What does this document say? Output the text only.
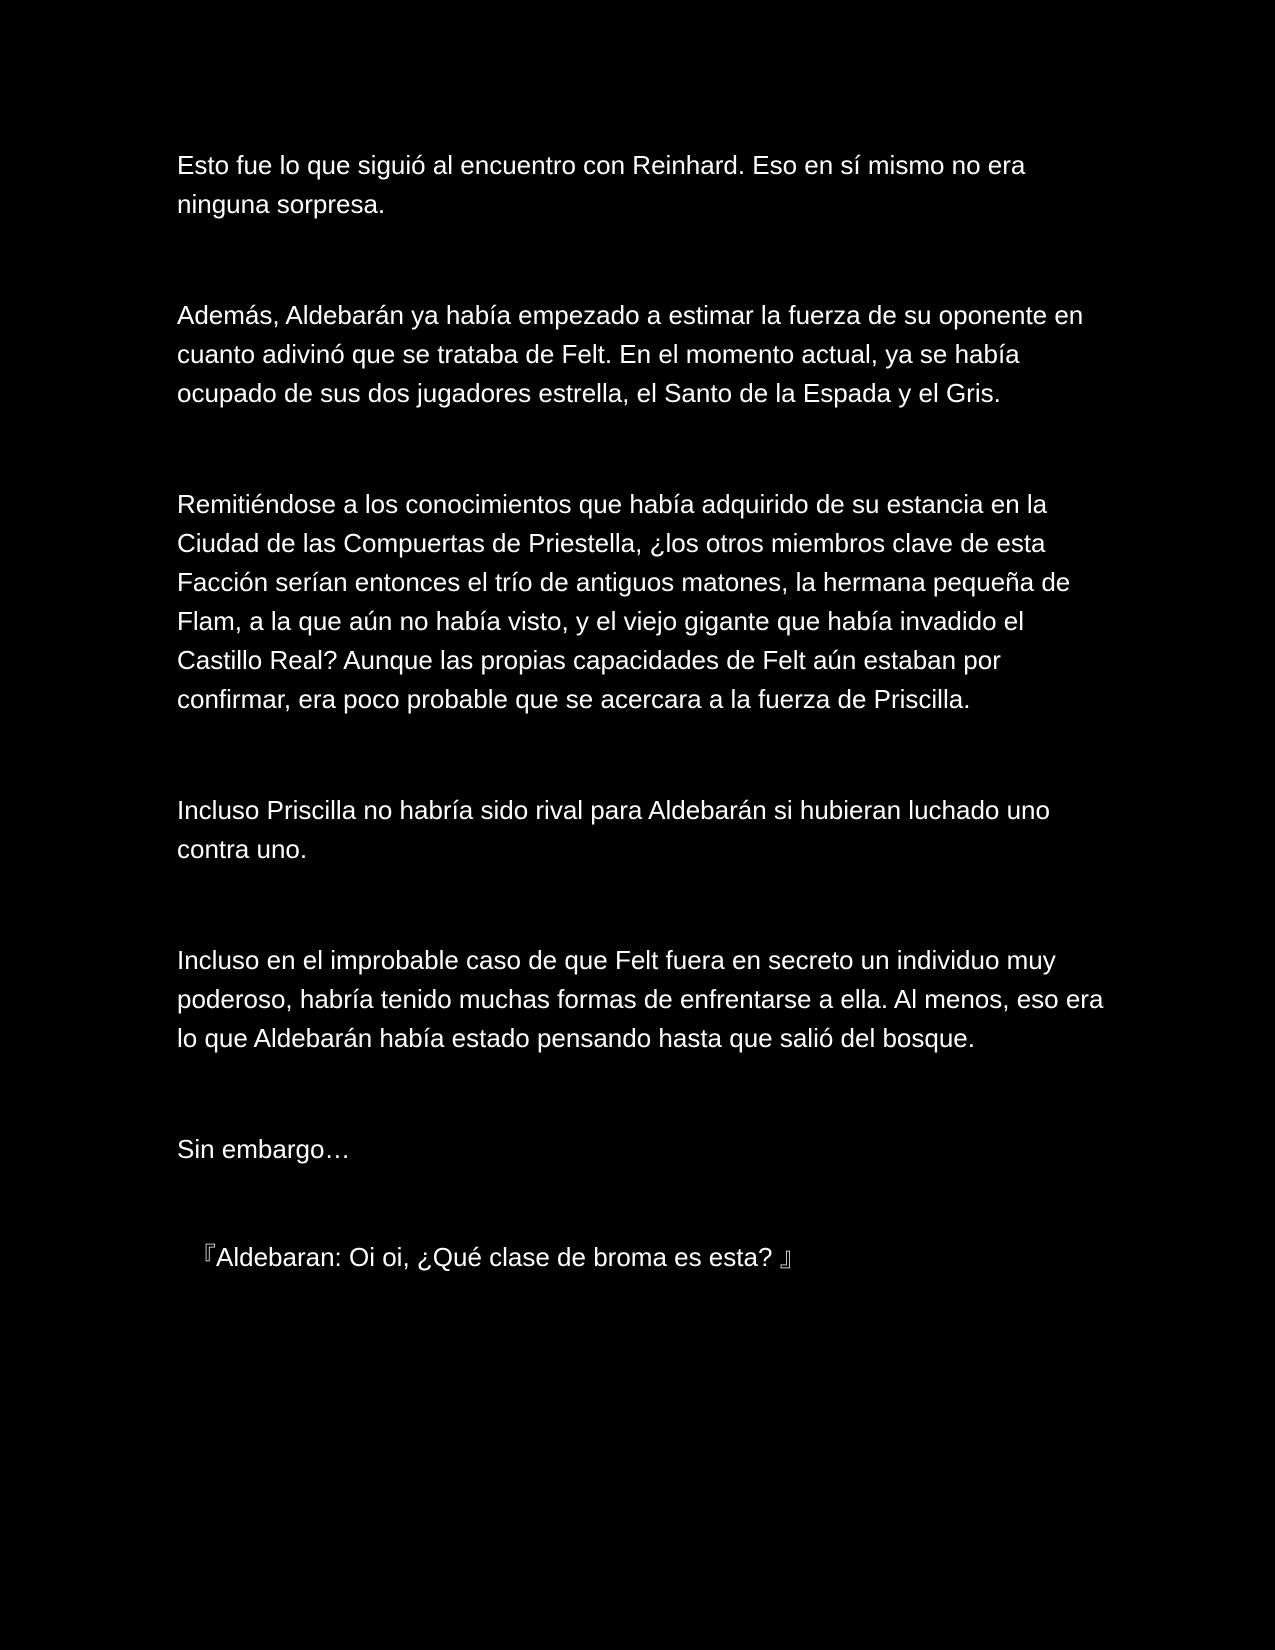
Esto fue lo que siguió al encuentro con Reinhard. Eso en sí mismo no era ninguna sorpresa.

Además, Aldebarán ya había empezado a estimar la fuerza de su oponente en cuanto adivinó que se trataba de Felt. En el momento actual, ya se había ocupado de sus dos jugadores estrella, el Santo de la Espada y el Gris.

Remitiéndose a los conocimientos que había adquirido de su estancia en la Ciudad de las Compuertas de Priestella, ¿los otros miembros clave de esta Facción serían entonces el trío de antiguos matones, la hermana pequeña de Flam, a la que aún no había visto, y el viejo gigante que había invadido el Castillo Real? Aunque las propias capacidades de Felt aún estaban por confirmar, era poco probable que se acercara a la fuerza de Priscilla.

Incluso Priscilla no habría sido rival para Aldebarán si hubieran luchado uno contra uno.

Incluso en el improbable caso de que Felt fuera en secreto un individuo muy poderoso, habría tenido muchas formas de enfrentarse a ella. Al menos, eso era lo que Aldebarán había estado pensando hasta que salió del bosque.

Sin embargo…

『Aldebaran: Oi oi, ¿Qué clase de broma es esta? 』
